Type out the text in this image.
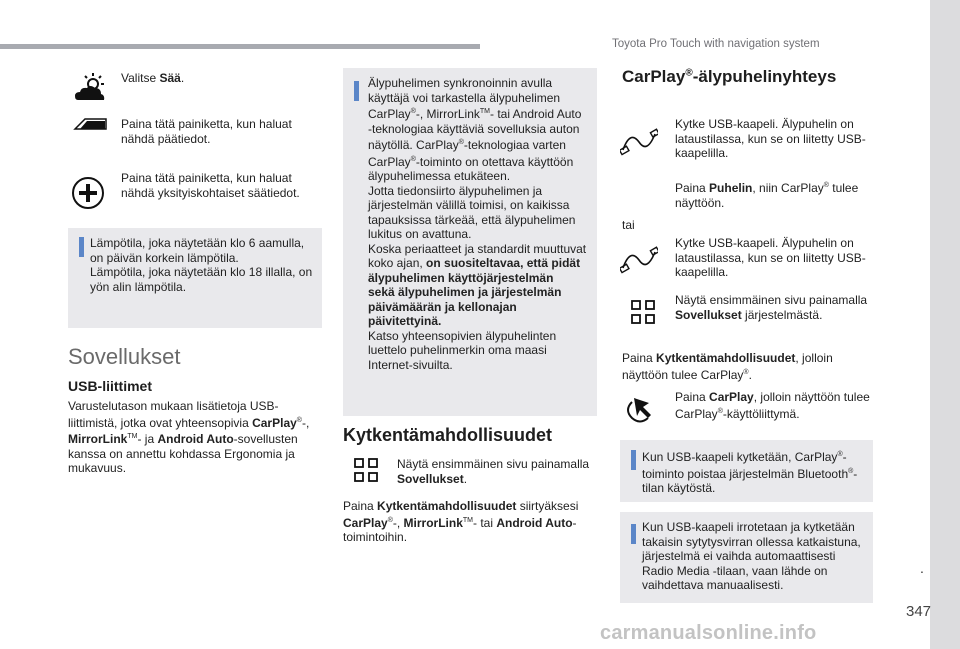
Toyota Pro Touch with navigation system
.
347
carmanualsonline.info
Valitse Sää.
Paina tätä painiketta, kun haluat
nähdä päätiedot.
Paina tätä painiketta, kun haluat
nähdä yksityiskohtaiset säätiedot.
Lämpötila, joka näytetään klo 6 aamulla,
on päivän korkein lämpötila.
Lämpötila, joka näytetään klo 18 illalla, on
yön alin lämpötila.
Sovellukset
USB-liittimet
Varustelutason mukaan lisätietoja USB-
liittimistä, jotka ovat yhteensopivia CarPlay®-,
MirrorLink™- ja Android Auto-sovellusten
kanssa on annettu kohdassa Ergonomia ja
mukavuus.
Älypuhelimen synkronoinnin avulla
käyttäjä voi tarkastella älypuhelimen
CarPlay®-, MirrorLink™- tai Android Auto
-teknologiaa käyttäviä sovelluksia auton
näytöllä. CarPlay®-teknologiaa varten
CarPlay®-toiminto on otettava käyttöön
älypuhelimessa etukäteen.
Jotta tiedonsiirto älypuhelimen ja
järjestelmän välillä toimisi, on kaikissa
tapauksissa tärkeää, että älypuhelimen
lukitus on avattuna.
Koska periaatteet ja standardit muuttuvat
koko ajan, on suositeltavaa, että pidät
älypuhelimen käyttöjärjestelmän
sekä älypuhelimen ja järjestelmän
päivämäärän ja kellonajan
päivitettyinä.
Katso yhteensopivien älypuhelinten
luettelo puhelinmerkin oma maasi
Internet-sivuilta.
Kytkentämahdollisuudet
Näytä ensimmäinen sivu painamalla
Sovellukset.
Paina Kytkentämahdollisuudet siirtyäksesi
CarPlay®-, MirrorLink™- tai Android Auto-
toimintoihin.
CarPlay®-älypuhelinyhteys
Kytke USB-kaapeli. Älypuhelin on
lataustilassa, kun se on liitetty USB-
kaapelilla.
Paina Puhelin, niin CarPlay® tulee
näyttöön.
tai
Kytke USB-kaapeli. Älypuhelin on
lataustilassa, kun se on liitetty USB-
kaapelilla.
Näytä ensimmäinen sivu painamalla
Sovellukset järjestelmästä.
Paina Kytkentämahdollisuudet, jolloin
näyttöön tulee CarPlay®.
Paina CarPlay, jolloin näyttöön tulee
CarPlay®-käyttöliittymä.
Kun USB-kaapeli kytketään, CarPlay®-
toiminto poistaa järjestelmän Bluetooth®-
tilan käytöstä.
Kun USB-kaapeli irrotetaan ja kytketään
takaisin sytytysvirran ollessa katkaistuna,
järjestelmä ei vaihda automaattisesti
Radio Media -tilaan, vaan lähde on
vaihdettava manuaalisesti.
